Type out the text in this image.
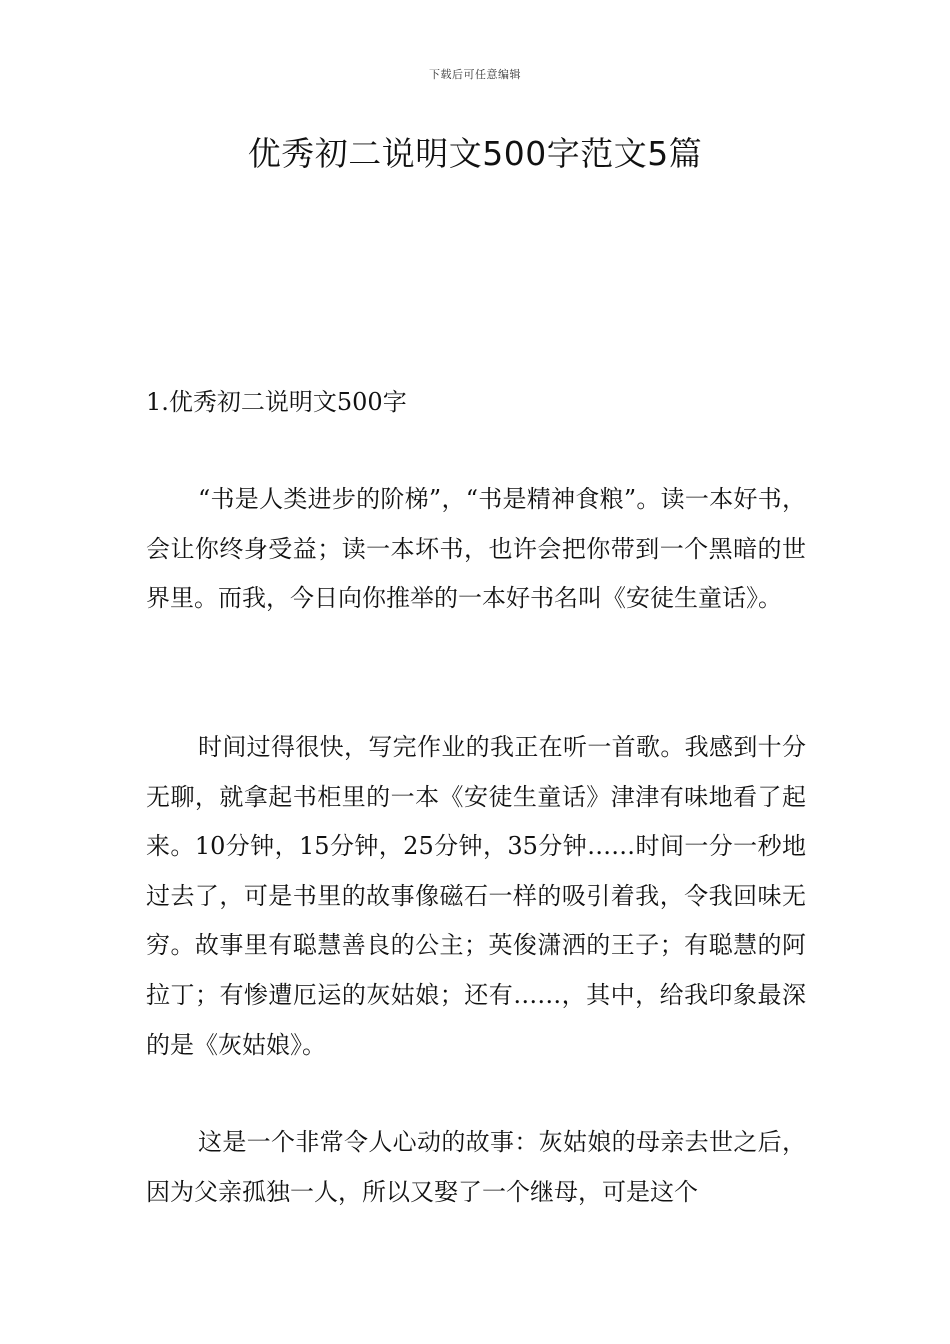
下载后可任意编辑
优秀初二说明文500字范文5篇
1.优秀初二说明文500字

“书是人类进步的阶梯”，“书是精神食粮”。读一本好书，会让你终身受益；读一本坏书，也许会把你带到一个黑暗的世界里。而我，今日向你推举的一本好书名叫《安徒生童话》。

时间过得很快，写完作业的我正在听一首歌。我感到十分无聊，就拿起书柜里的一本《安徒生童话》津津有味地看了起来。10分钟，15分钟，25分钟，35分钟……时间一分一秒地过去了，可是书里的故事像磁石一样的吸引着我，令我回味无穷。故事里有聪慧善良的公主；英俊潇洒的王子；有聪慧的阿拉丁；有惨遭厄运的灰姑娘；还有……，其中，给我印象最深的是《灰姑娘》。

这是一个非常令人心动的故事：灰姑娘的母亲去世之后，因为父亲孤独一人，所以又娶了一个继母，可是这个
